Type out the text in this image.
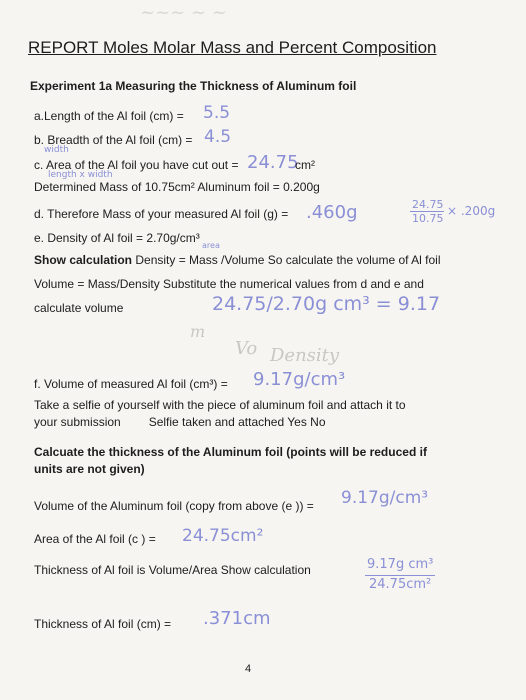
~~~ ~ ~
REPORT Moles Molar Mass and Percent Composition
Experiment 1a Measuring the Thickness of Aluminum foil
a.Length of the Al foil (cm) = 5.5
b. Breadth of the Al foil (cm) = 4.5
width
c. Area of the Al foil you have cut out = 24.75
cm²
length x width
Determined Mass of 10.75cm² Aluminum foil = 0.200g
d. Therefore Mass of your measured Al foil (g) = .460g	24.75
10.75
× .200g
e. Density of Al foil = 2.70g/cm³
area
Show calculation Density = Mass /Volume So calculate the volume of Al foil
Volume = Mass/Density Substitute the numerical values from d and e and
calculate volume	24.75/2.70g cm³ = 9.17
m
Vo Density
f. Volume of measured Al foil (cm³) = 9.17g/cm³
Take a selfie of yourself with the piece of aluminum foil and attach it to
your submission Selfie taken and attached Yes No
Calcuate the thickness of the Aluminum foil (points will be reduced if
units are not given)
Volume of the Aluminum foil (copy from above (e )) = 9.17g/cm³
Area of the Al foil (c ) = 24.75cm²
Thickness of Al foil is Volume/Area Show calculation	9.17g cm³
24.75cm²
Thickness of Al foil (cm) = .371cm
4
